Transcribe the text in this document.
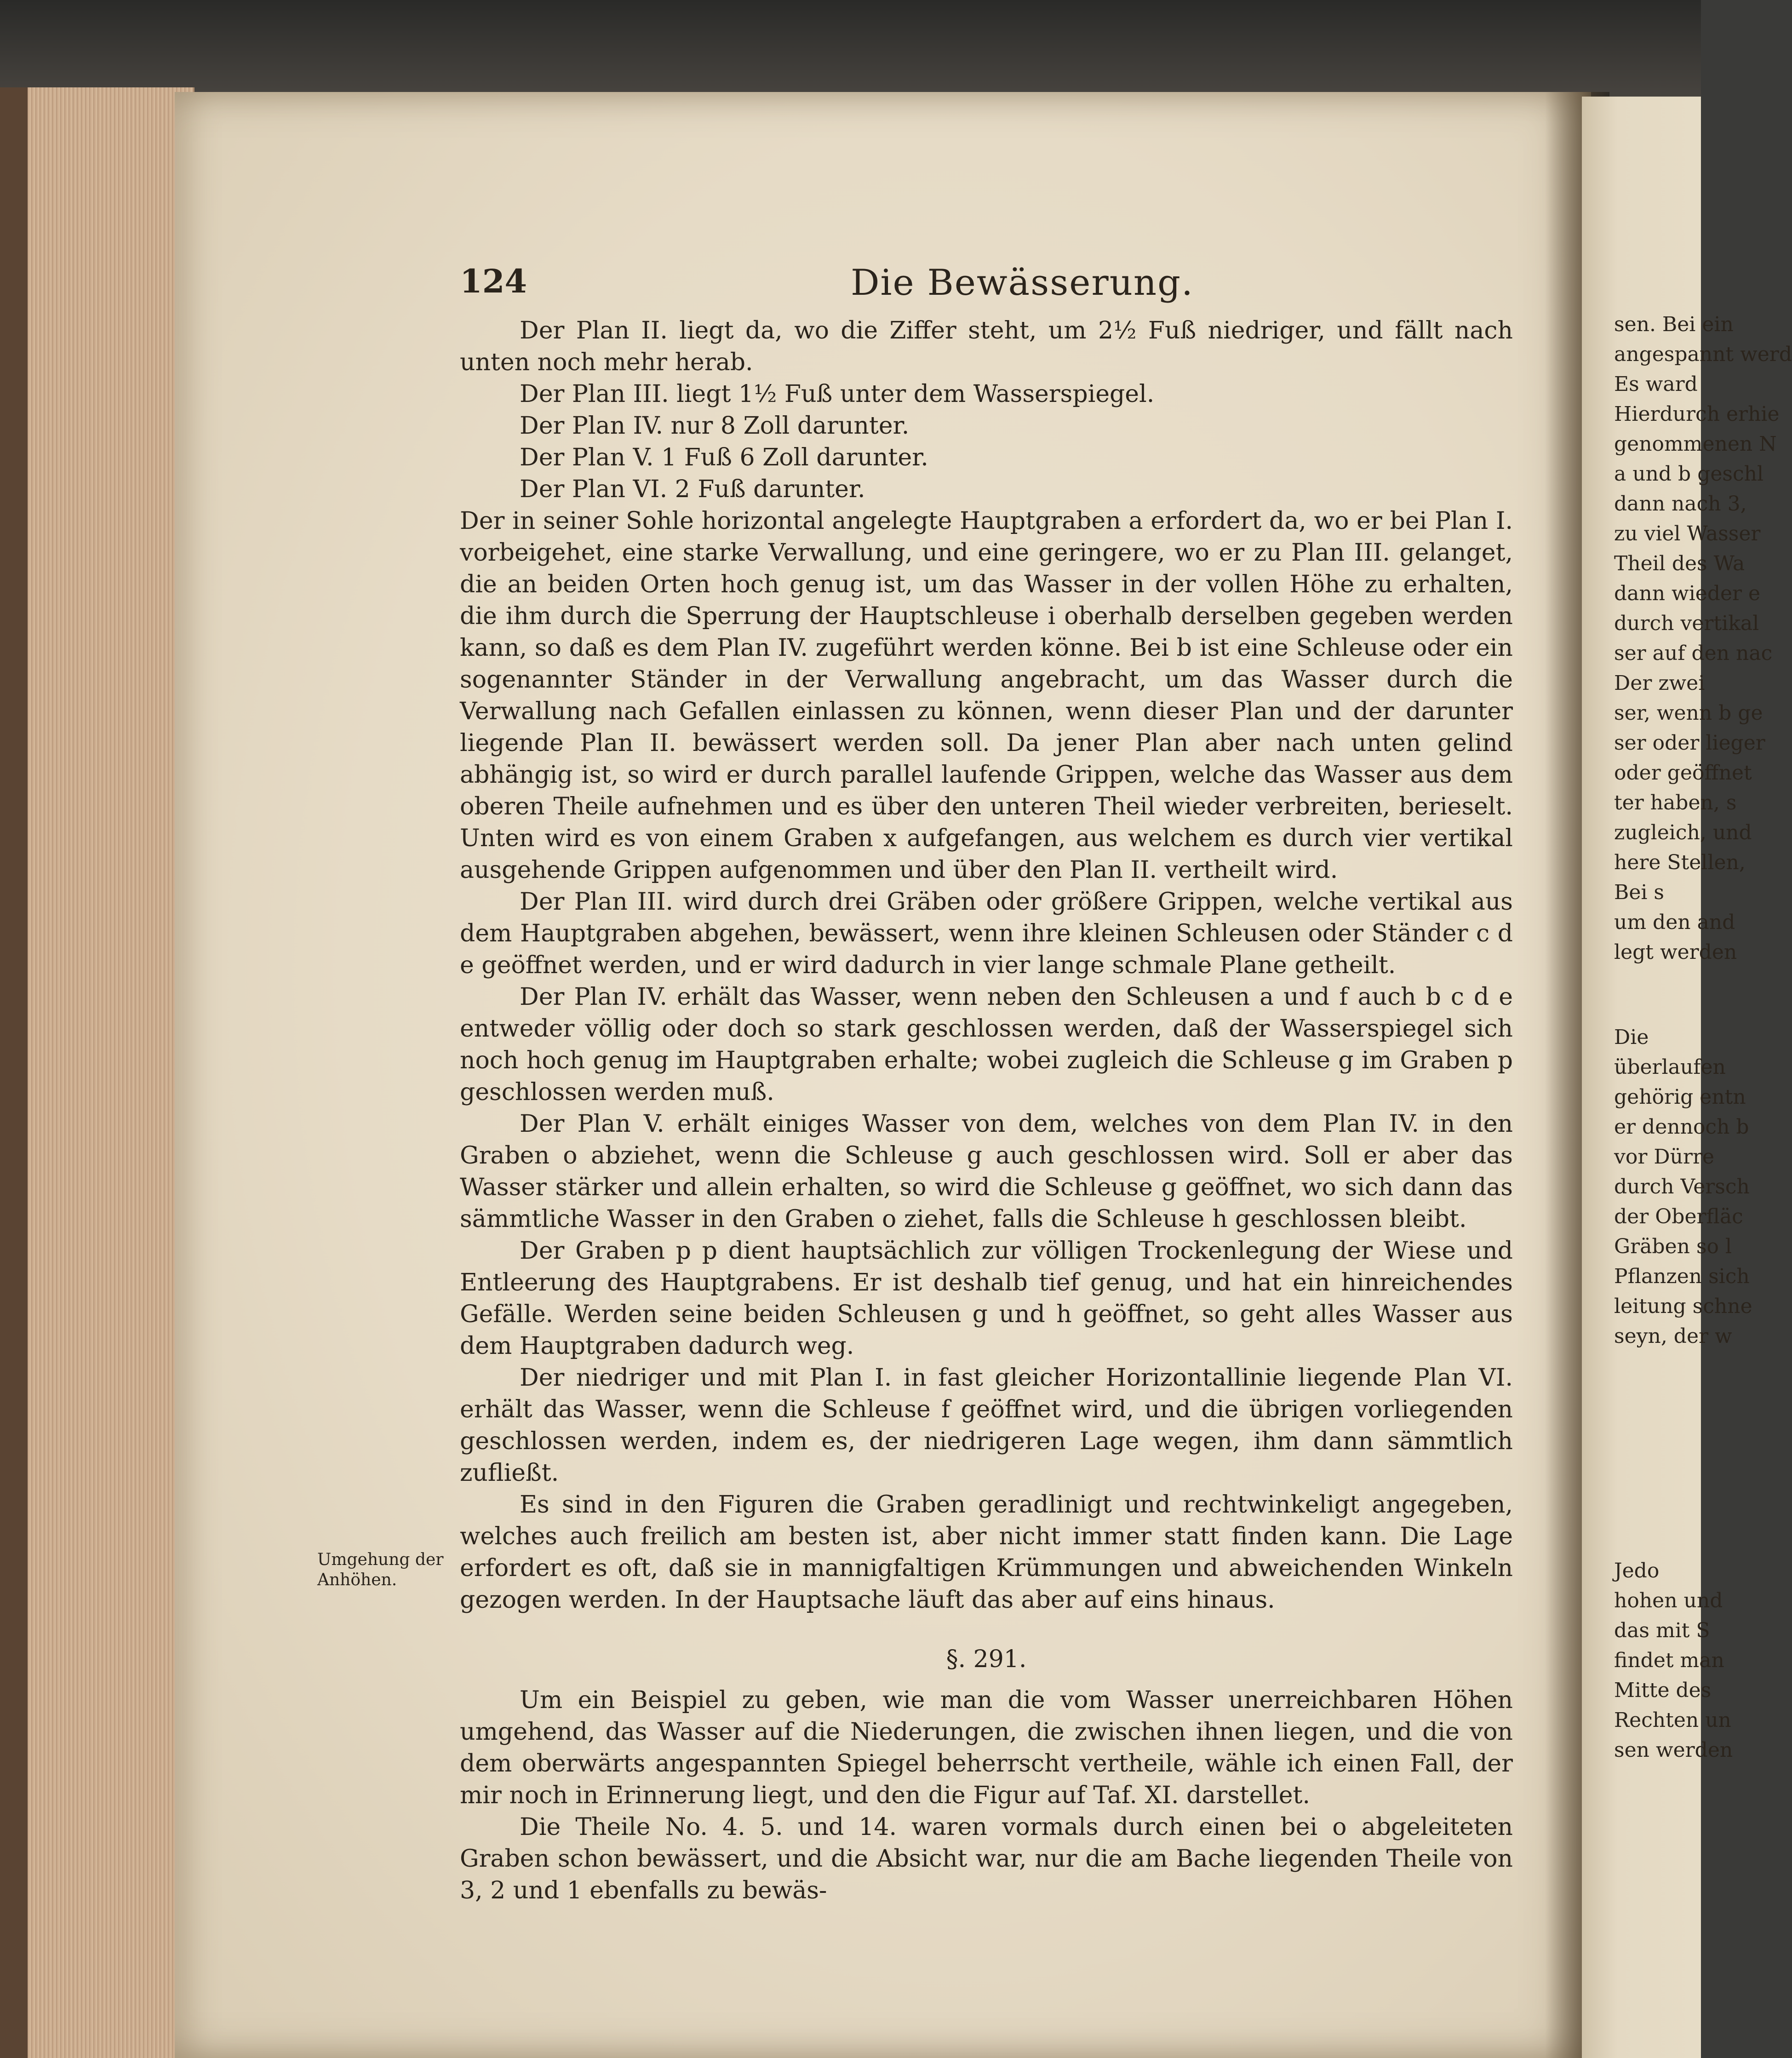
124	Die Bewässerung.

Der Plan II. liegt da, wo die Ziffer steht, um 2½ Fuß niedriger, und fällt nach unten noch mehr herab.

Der Plan III. liegt 1½ Fuß unter dem Wasserspiegel.

Der Plan IV. nur 8 Zoll darunter.

Der Plan V. 1 Fuß 6 Zoll darunter.

Der Plan VI. 2 Fuß darunter.

Der in seiner Sohle horizontal angelegte Hauptgraben a erfordert da, wo er bei Plan I. vorbeigehet, eine starke Verwallung, und eine geringere, wo er zu Plan III. gelanget, die an beiden Orten hoch genug ist, um das Wasser in der vollen Höhe zu erhalten, die ihm durch die Sperrung der Hauptschleuse i oberhalb derselben gegeben werden kann, so daß es dem Plan IV. zugeführt werden könne. Bei b ist eine Schleuse oder ein sogenannter Ständer in der Verwallung angebracht, um das Wasser durch die Verwallung nach Gefallen einlassen zu können, wenn dieser Plan und der darunter liegende Plan II. bewässert werden soll. Da jener Plan aber nach unten gelind abhängig ist, so wird er durch parallel laufende Grippen, welche das Wasser aus dem oberen Theile aufnehmen und es über den unteren Theil wieder verbreiten, berieselt. Unten wird es von einem Graben x aufgefangen, aus welchem es durch vier vertikal ausgehende Grippen aufgenommen und über den Plan II. vertheilt wird.

Der Plan III. wird durch drei Gräben oder größere Grippen, welche vertikal aus dem Hauptgraben abgehen, bewässert, wenn ihre kleinen Schleusen oder Ständer c d e geöffnet werden, und er wird dadurch in vier lange schmale Plane getheilt.

Der Plan IV. erhält das Wasser, wenn neben den Schleusen a und f auch b c d e entweder völlig oder doch so stark geschlossen werden, daß der Wasserspiegel sich noch hoch genug im Hauptgraben erhalte; wobei zugleich die Schleuse g im Graben p geschlossen werden muß.

Der Plan V. erhält einiges Wasser von dem, welches von dem Plan IV. in den Graben o abziehet, wenn die Schleuse g auch geschlossen wird. Soll er aber das Wasser stärker und allein erhalten, so wird die Schleuse g geöffnet, wo sich dann das sämmtliche Wasser in den Graben o ziehet, falls die Schleuse h geschlossen bleibt.

Der Graben p p dient hauptsächlich zur völligen Trockenlegung der Wiese und Entleerung des Hauptgrabens. Er ist deshalb tief genug, und hat ein hinreichendes Gefälle. Werden seine beiden Schleusen g und h geöffnet, so geht alles Wasser aus dem Hauptgraben dadurch weg.

Der niedriger und mit Plan I. in fast gleicher Horizontallinie liegende Plan VI. erhält das Wasser, wenn die Schleuse f geöffnet wird, und die übrigen vorliegenden geschlossen werden, indem es, der niedrigeren Lage wegen, ihm dann sämmtlich zufließt.

Es sind in den Figuren die Graben geradlinigt und rechtwinkeligt angegeben, welches auch freilich am besten ist, aber nicht immer statt finden kann. Die Lage erfordert es oft, daß sie in mannigfaltigen Krümmungen und abweichenden Winkeln gezogen werden. In der Hauptsache läuft das aber auf eins hinaus.

§. 291.

Um ein Beispiel zu geben, wie man die vom Wasser unerreichbaren Höhen umgehend, das Wasser auf die Niederungen, die zwischen ihnen liegen, und die von dem oberwärts angespannten Spiegel beherrscht vertheile, wähle ich einen Fall, der mir noch in Erinnerung liegt, und den die Figur auf Taf. XI. darstellet.

Die Theile No. 4. 5. und 14. waren vormals durch einen bei o abgeleiteten Graben schon bewässert, und die Absicht war, nur die am Bache liegenden Theile von 3, 2 und 1 ebenfalls zu bewäs-

Umgehung der Anhöhen.
sen. Bei ein
angespannt werd
Es ward
Hierdurch erhie
genommenen N
a und b geschl
dann nach 3,
zu viel Wasser
Theil des Wa
dann wieder e
durch vertikal
ser auf den nac
Der zwei
ser, wenn b ge
ser oder lieger
oder geöffnet
ter haben, s
zugleich, und
here Stellen,
Bei s
um den and
legt werden
Die
überlaufen
gehörig entn
er dennoch b
vor Dürre
durch Versch
der Oberfläc
Gräben so l
Pflanzen sich
leitung schne
seyn, der w
Jedo
hohen und
das mit S
findet man
Mitte des
Rechten un
sen werden
